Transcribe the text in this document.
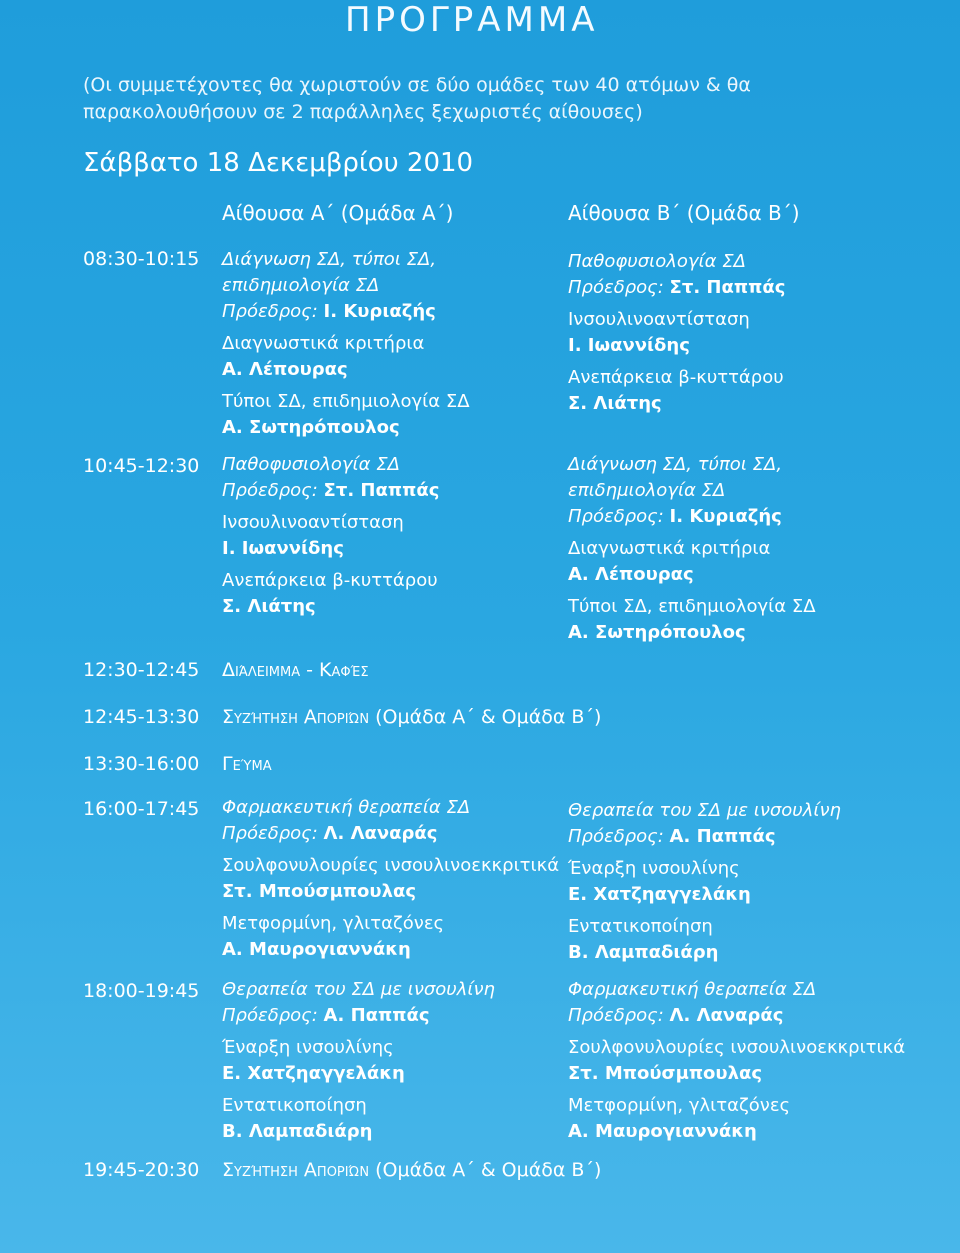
ΠΡΟΓΡΑΜΜΑ
(Οι συμμετέχοντες θα χωριστούν σε δύο ομάδες των 40 ατόμων & θα παρακολουθήσουν σε 2 παράλληλες ξεχωριστές αίθουσες)
Σάββατο 18 Δεκεμβρίου 2010
Αίθουσα Α΄ (Ομάδα Α΄)	Αίθουσα Β΄ (Ομάδα Β΄)
08:30-10:15
10:45-12:30
12:30-12:45
12:45-13:30
13:30-16:00
16:00-17:45
18:00-19:45
19:45-20:30
Διάγνωση ΣΔ, τύποι ΣΔ,
επιδημιολογία ΣΔ
Πρόεδρος: Ι. Κυριαζής
Διαγνωστικά κριτήρια
Α. Λέπουρας
Τύποι ΣΔ, επιδημιολογία ΣΔ
Α. Σωτηρόπουλος
Παθοφυσιολογία ΣΔ
Πρόεδρος: Στ. Παππάς
Ινσουλινοαντίσταση
Ι. Ιωαννίδης
Ανεπάρκεια β-κυττάρου
Σ. Λιάτης
Παθοφυσιολογία ΣΔ
Πρόεδρος: Στ. Παππάς
Ινσουλινοαντίσταση
Ι. Ιωαννίδης
Ανεπάρκεια β-κυττάρου
Σ. Λιάτης
Διάγνωση ΣΔ, τύποι ΣΔ,
επιδημιολογία ΣΔ
Πρόεδρος: Ι. Κυριαζής
Διαγνωστικά κριτήρια
Α. Λέπουρας
Τύποι ΣΔ, επιδημιολογία ΣΔ
Α. Σωτηρόπουλος
Διάλειμμα - Καφές
Συζήτηση Αποριών (Ομάδα Α΄ & Ομάδα Β΄)
Γεύμα
Φαρμακευτική θεραπεία ΣΔ
Πρόεδρος: Λ. Λαναράς
Σουλφονυλουρίες ινσουλινοεκκριτικά
Στ. Μπούσμπουλας
Μετφορμίνη, γλιταζόνες
Α. Μαυρογιαννάκη
Θεραπεία του ΣΔ με ινσουλίνη
Πρόεδρος: Α. Παππάς
Έναρξη ινσουλίνης
Ε. Χατζηαγγελάκη
Εντατικοποίηση
Β. Λαμπαδιάρη
Θεραπεία του ΣΔ με ινσουλίνη
Πρόεδρος: Α. Παππάς
Έναρξη ινσουλίνης
Ε. Χατζηαγγελάκη
Εντατικοποίηση
Β. Λαμπαδιάρη
Φαρμακευτική θεραπεία ΣΔ
Πρόεδρος: Λ. Λαναράς
Σουλφονυλουρίες ινσουλινοεκκριτικά
Στ. Μπούσμπουλας
Μετφορμίνη, γλιταζόνες
Α. Μαυρογιαννάκη
Συζήτηση Αποριών (Ομάδα Α΄ & Ομάδα Β΄)
